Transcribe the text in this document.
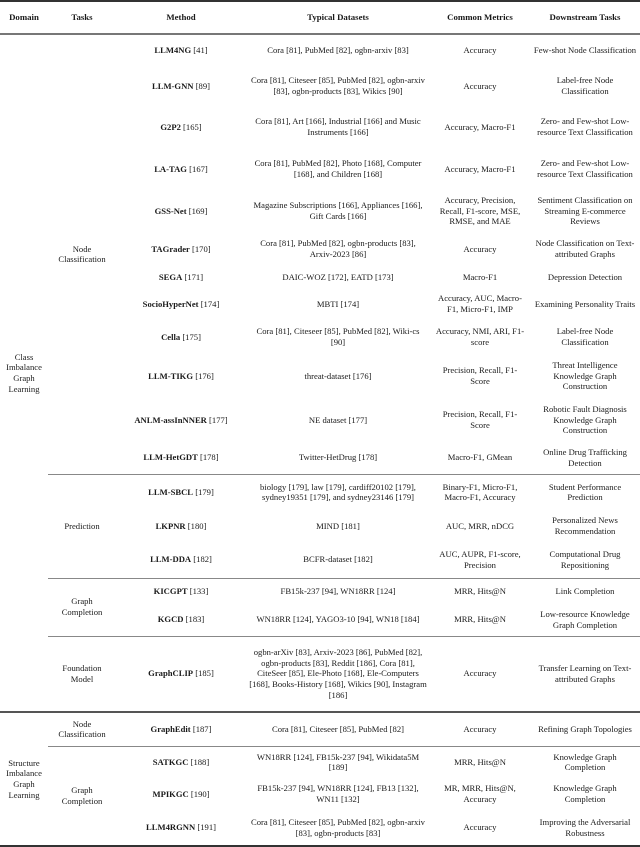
Domain	Tasks	Method	Typical Datasets	Common Metrics	Downstream Tasks
Class Imbalance Graph Learning	Node Classification	LLM4NG [41]	Cora [81], PubMed [82], ogbn-arxiv [83]	Accuracy	Few-shot Node Classification
		LLM-GNN [89]	Cora [81], Citeseer [85], PubMed [82], ogbn-arxiv [83], ogbn-products [83], Wikics [90]	Accuracy	Label-free Node Classification
		G2P2 [165]	Cora [81], Art [166], Industrial [166] and Music Instruments [166]	Accuracy, Macro-F1	Zero- and Few-shot Low-resource Text Classification
		LA-TAG [167]	Cora [81], PubMed [82], Photo [168], Computer [168], and Children [168]	Accuracy, Macro-F1	Zero- and Few-shot Low-resource Text Classification
		GSS-Net [169]	Magazine Subscriptions [166], Appliances [166], Gift Cards [166]	Accuracy, Precision, Recall, F1-score, MSE, RMSE, and MAE	Sentiment Classification on Streaming E-commerce Reviews
		TAGrader [170]	Cora [81], PubMed [82], ogbn-products [83], Arxiv-2023 [86]	Accuracy	Node Classification on Text-attributed Graphs
		SEGA [171]	DAIC-WOZ [172], EATD [173]	Macro-F1	Depression Detection
		SocioHyperNet [174]	MBTI [174]	Accuracy, AUC, Macro-F1, Micro-F1, IMP	Examining Personality Traits
		Cella [175]	Cora [81], Citeseer [85], PubMed [82], Wiki-cs [90]	Accuracy, NMI, ARI, F1-score	Label-free Node Classification
		LLM-TIKG [176]	threat-dataset [176]	Precision, Recall, F1-Score	Threat Intelligence Knowledge Graph Construction
		ANLM-assInNNER [177]	NE dataset [177]	Precision, Recall, F1-Score	Robotic Fault Diagnosis Knowledge Graph Construction
		LLM-HetGDT [178]	Twitter-HetDrug [178]	Macro-F1, GMean	Online Drug Trafficking Detection
	Prediction	LLM-SBCL [179]	biology [179], law [179], cardiff20102 [179], sydney19351 [179], and sydney23146 [179]	Binary-F1, Micro-F1, Macro-F1, Accuracy	Student Performance Prediction
		LKPNR [180]	MIND [181]	AUC, MRR, nDCG	Personalized News Recommendation
		LLM-DDA [182]	BCFR-dataset [182]	AUC, AUPR, F1-score, Precision	Computational Drug Repositioning
	Graph Completion	KICGPT [133]	FB15k-237 [94], WN18RR [124]	MRR, Hits@N	Link Completion
		KGCD [183]	WN18RR [124], YAGO3-10 [94], WN18 [184]	MRR, Hits@N	Low-resource Knowledge Graph Completion
	Foundation Model	GraphCLIP [185]	ogbn-arXiv [83], Arxiv-2023 [86], PubMed [82], ogbn-products [83], Reddit [186], Cora [81], CiteSeer [85], Ele-Photo [168], Ele-Computers [168], Books-History [168], Wikics [90], Instagram [186]	Accuracy	Transfer Learning on Text-attributed Graphs
Structure Imbalance Graph Learning	Node Classification	GraphEdit [187]	Cora [81], Citeseer [85], PubMed [82]	Accuracy	Refining Graph Topologies
	Graph Completion	SATKGC [188]	WN18RR [124], FB15k-237 [94], Wikidata5M [189]	MRR, Hits@N	Knowledge Graph Completion
		MPIKGC [190]	FB15k-237 [94], WN18RR [124], FB13 [132], WN11 [132]	MR, MRR, Hits@N, Accuracy	Knowledge Graph Completion
		LLM4RGNN [191]	Cora [81], Citeseer [85], PubMed [82], ogbn-arxiv [83], ogbn-products [83]	Accuracy	Improving the Adversarial Robustness
